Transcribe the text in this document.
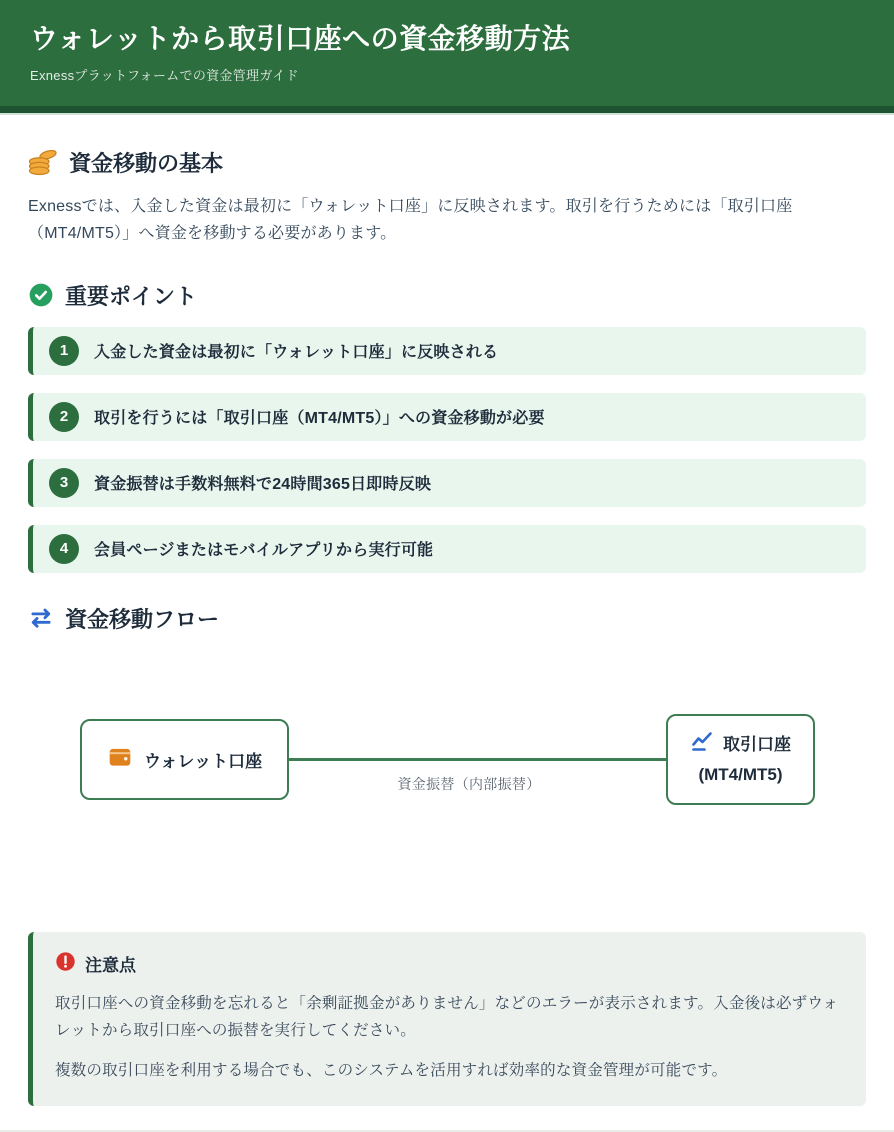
ウォレットから取引口座への資金移動方法
Exnessプラットフォームでの資金管理ガイド
資金移動の基本

Exnessでは、入金した資金は最初に「ウォレット口座」に反映されます。取引を行うためには「取引口座（MT4/MT5）」へ資金を移動する必要があります。

重要ポイント
1	入金した資金は最初に「ウォレット口座」に反映される
2	取引を行うには「取引口座（MT4/MT5）」への資金移動が必要
3	資金振替は手数料無料で24時間365日即時反映
4	会員ページまたはモバイルアプリから実行可能
資金移動フロー
ウォレット口座
資金振替（内部振替）
取引口座
(MT4/MT5)
注意点

取引口座への資金移動を忘れると「余剰証拠金がありません」などのエラーが表示されます。入金後は必ずウォレットから取引口座への振替を実行してください。

複数の取引口座を利用する場合でも、このシステムを活用すれば効率的な資金管理が可能です。
